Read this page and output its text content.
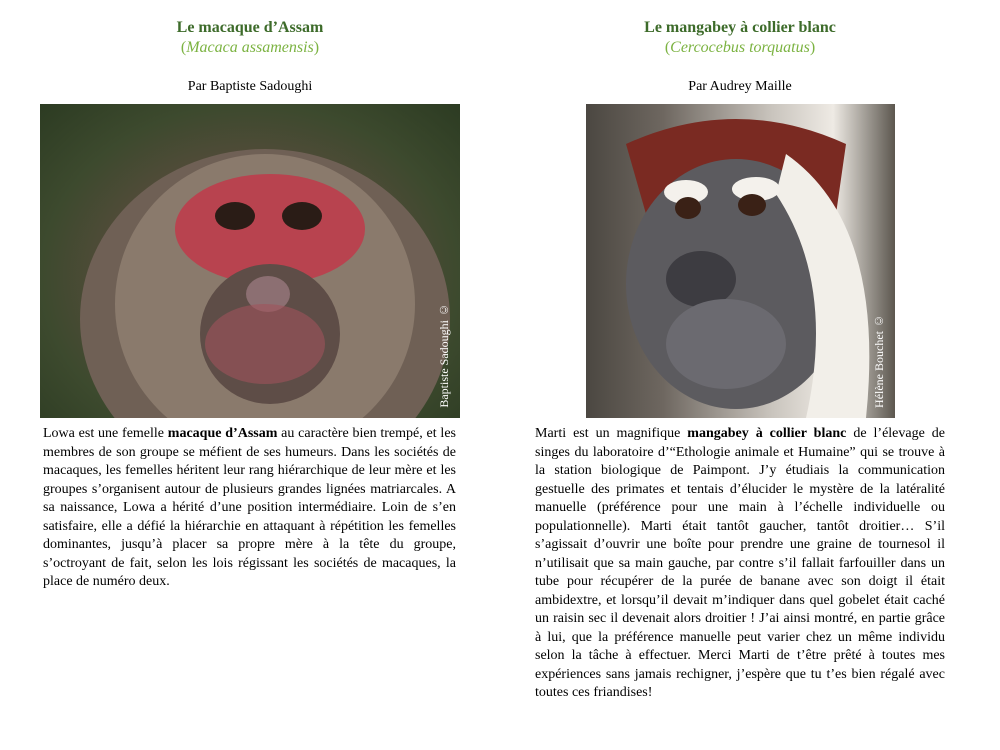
Le macaque d’Assam
(Macaca assamensis)
Par Baptiste Sadoughi
Baptiste Sadoughi ©
Lowa est une femelle macaque d’Assam au caractère bien trempé, et les membres de son groupe se méfient de ses humeurs. Dans les sociétés de macaques, les femelles héritent leur rang hiérarchique de leur mère et les groupes s’organisent autour de plusieurs grandes lignées matriarcales. A sa naissance, Lowa a hérité d’une position intermédiaire. Loin de s’en satisfaire, elle a défié la hiérarchie en attaquant à répétition les femelles dominantes, jusqu’à placer sa propre mère à la tête du groupe, s’octroyant de fait, selon les lois régissant les sociétés de macaques, la place de numéro deux.
Le mangabey à collier blanc
(Cercocebus torquatus)
Par Audrey Maille
Hélène Bouchet ©
Marti est un magnifique mangabey à collier blanc de l’élevage de singes du laboratoire d’“Ethologie animale et Humaine” qui se trouve à la station biologique de Paimpont. J’y étudiais la communication gestuelle des primates et tentais d’élucider le mystère de la latéralité manuelle (préférence pour une main à l’échelle individuelle ou populationnelle). Marti était tantôt gaucher, tantôt droitier… S’il s’agissait d’ouvrir une boîte pour prendre une graine de tournesol il n’utilisait que sa main gauche, par contre s’il fallait farfouiller dans un tube pour récupérer de la purée de banane avec son doigt il était ambidextre, et lorsqu’il devait m’indiquer dans quel gobelet était caché un raisin sec il devenait alors droitier ! J’ai ainsi montré, en partie grâce à lui, que la préférence manuelle peut varier chez un même individu selon la tâche à effectuer. Merci Marti de t’être prêté à toutes mes expériences sans jamais rechigner, j’espère que tu t’es bien régalé avec toutes ces friandises!
